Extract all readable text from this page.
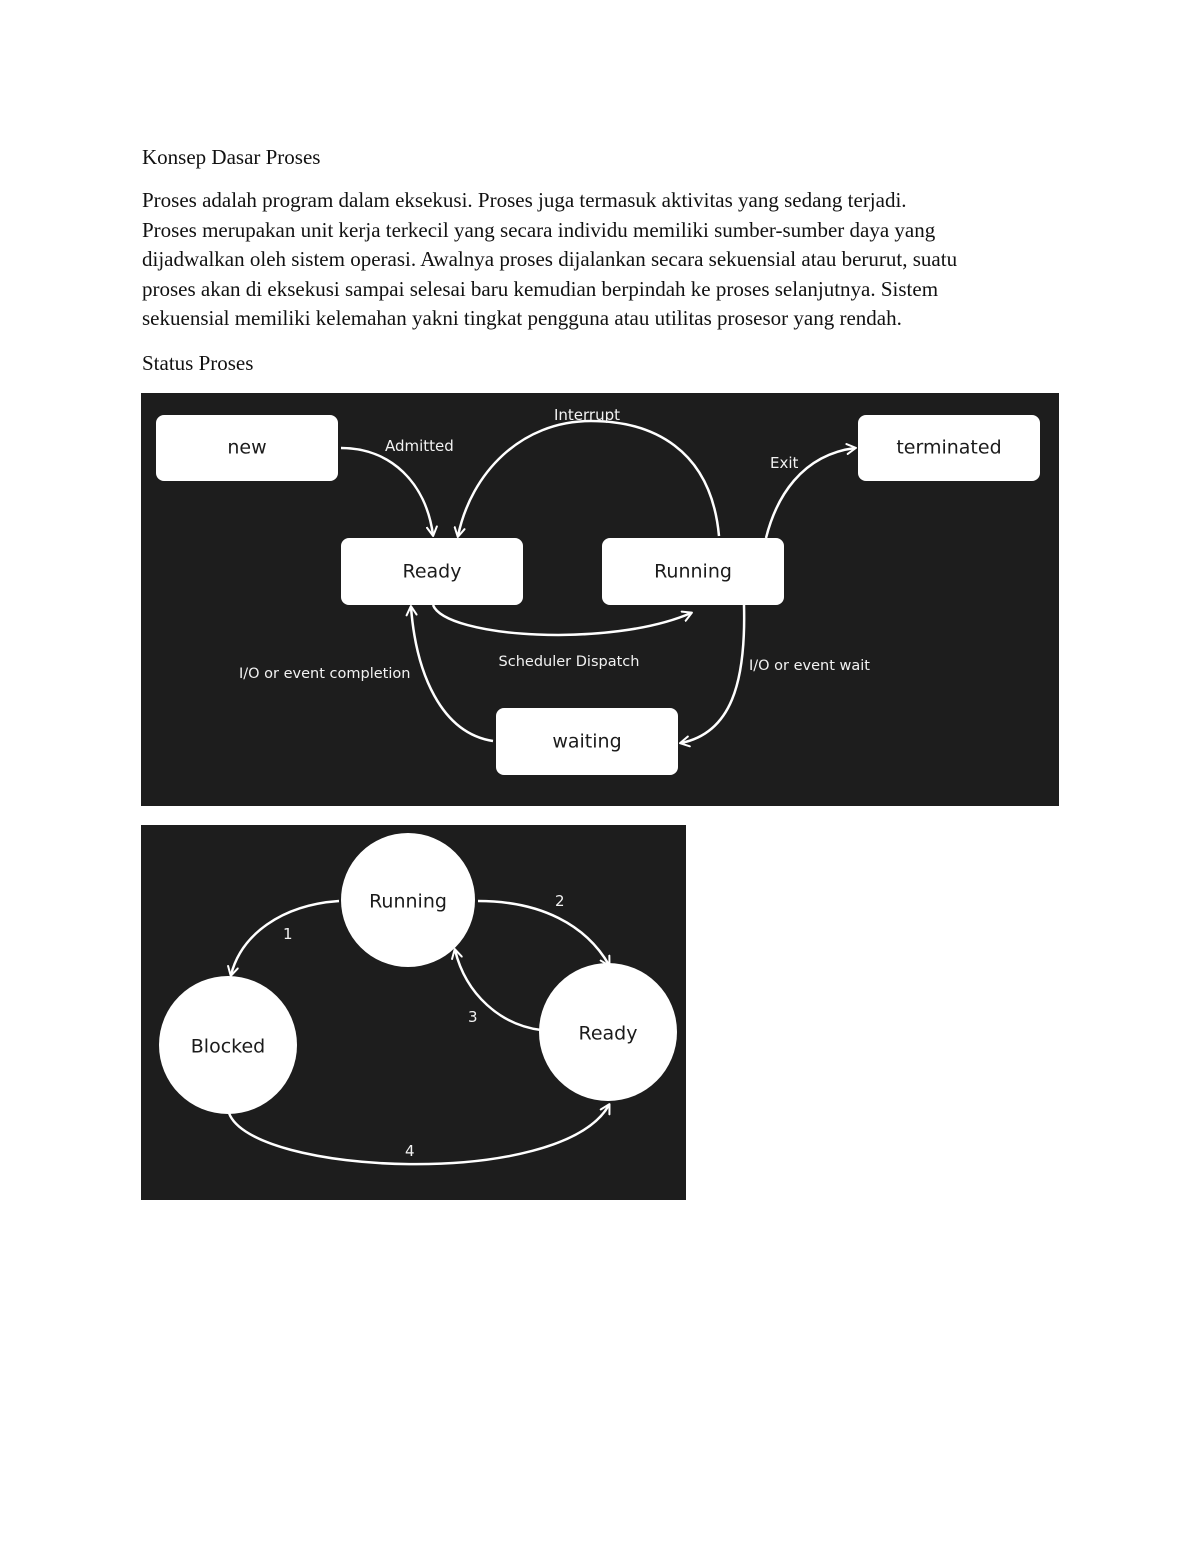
Konsep Dasar Proses
Proses adalah program dalam eksekusi. Proses juga termasuk aktivitas yang sedang terjadi.
Proses merupakan unit kerja terkecil yang secara individu memiliki sumber-sumber daya yang
dijadwalkan oleh sistem operasi. Awalnya proses dijalankan secara sekuensial atau berurut, suatu
proses akan di eksekusi sampai selesai baru kemudian berpindah ke proses selanjutnya. Sistem
sekuensial memiliki kelemahan yakni tingkat pengguna atau utilitas prosesor yang rendah.
Status Proses
new
Ready	Running
terminated
waiting
Admitted
Interrupt
Exit
Scheduler Dispatch
I/O or event completion	I/O or event wait
Running
Blocked
Ready
1
2
3
4
